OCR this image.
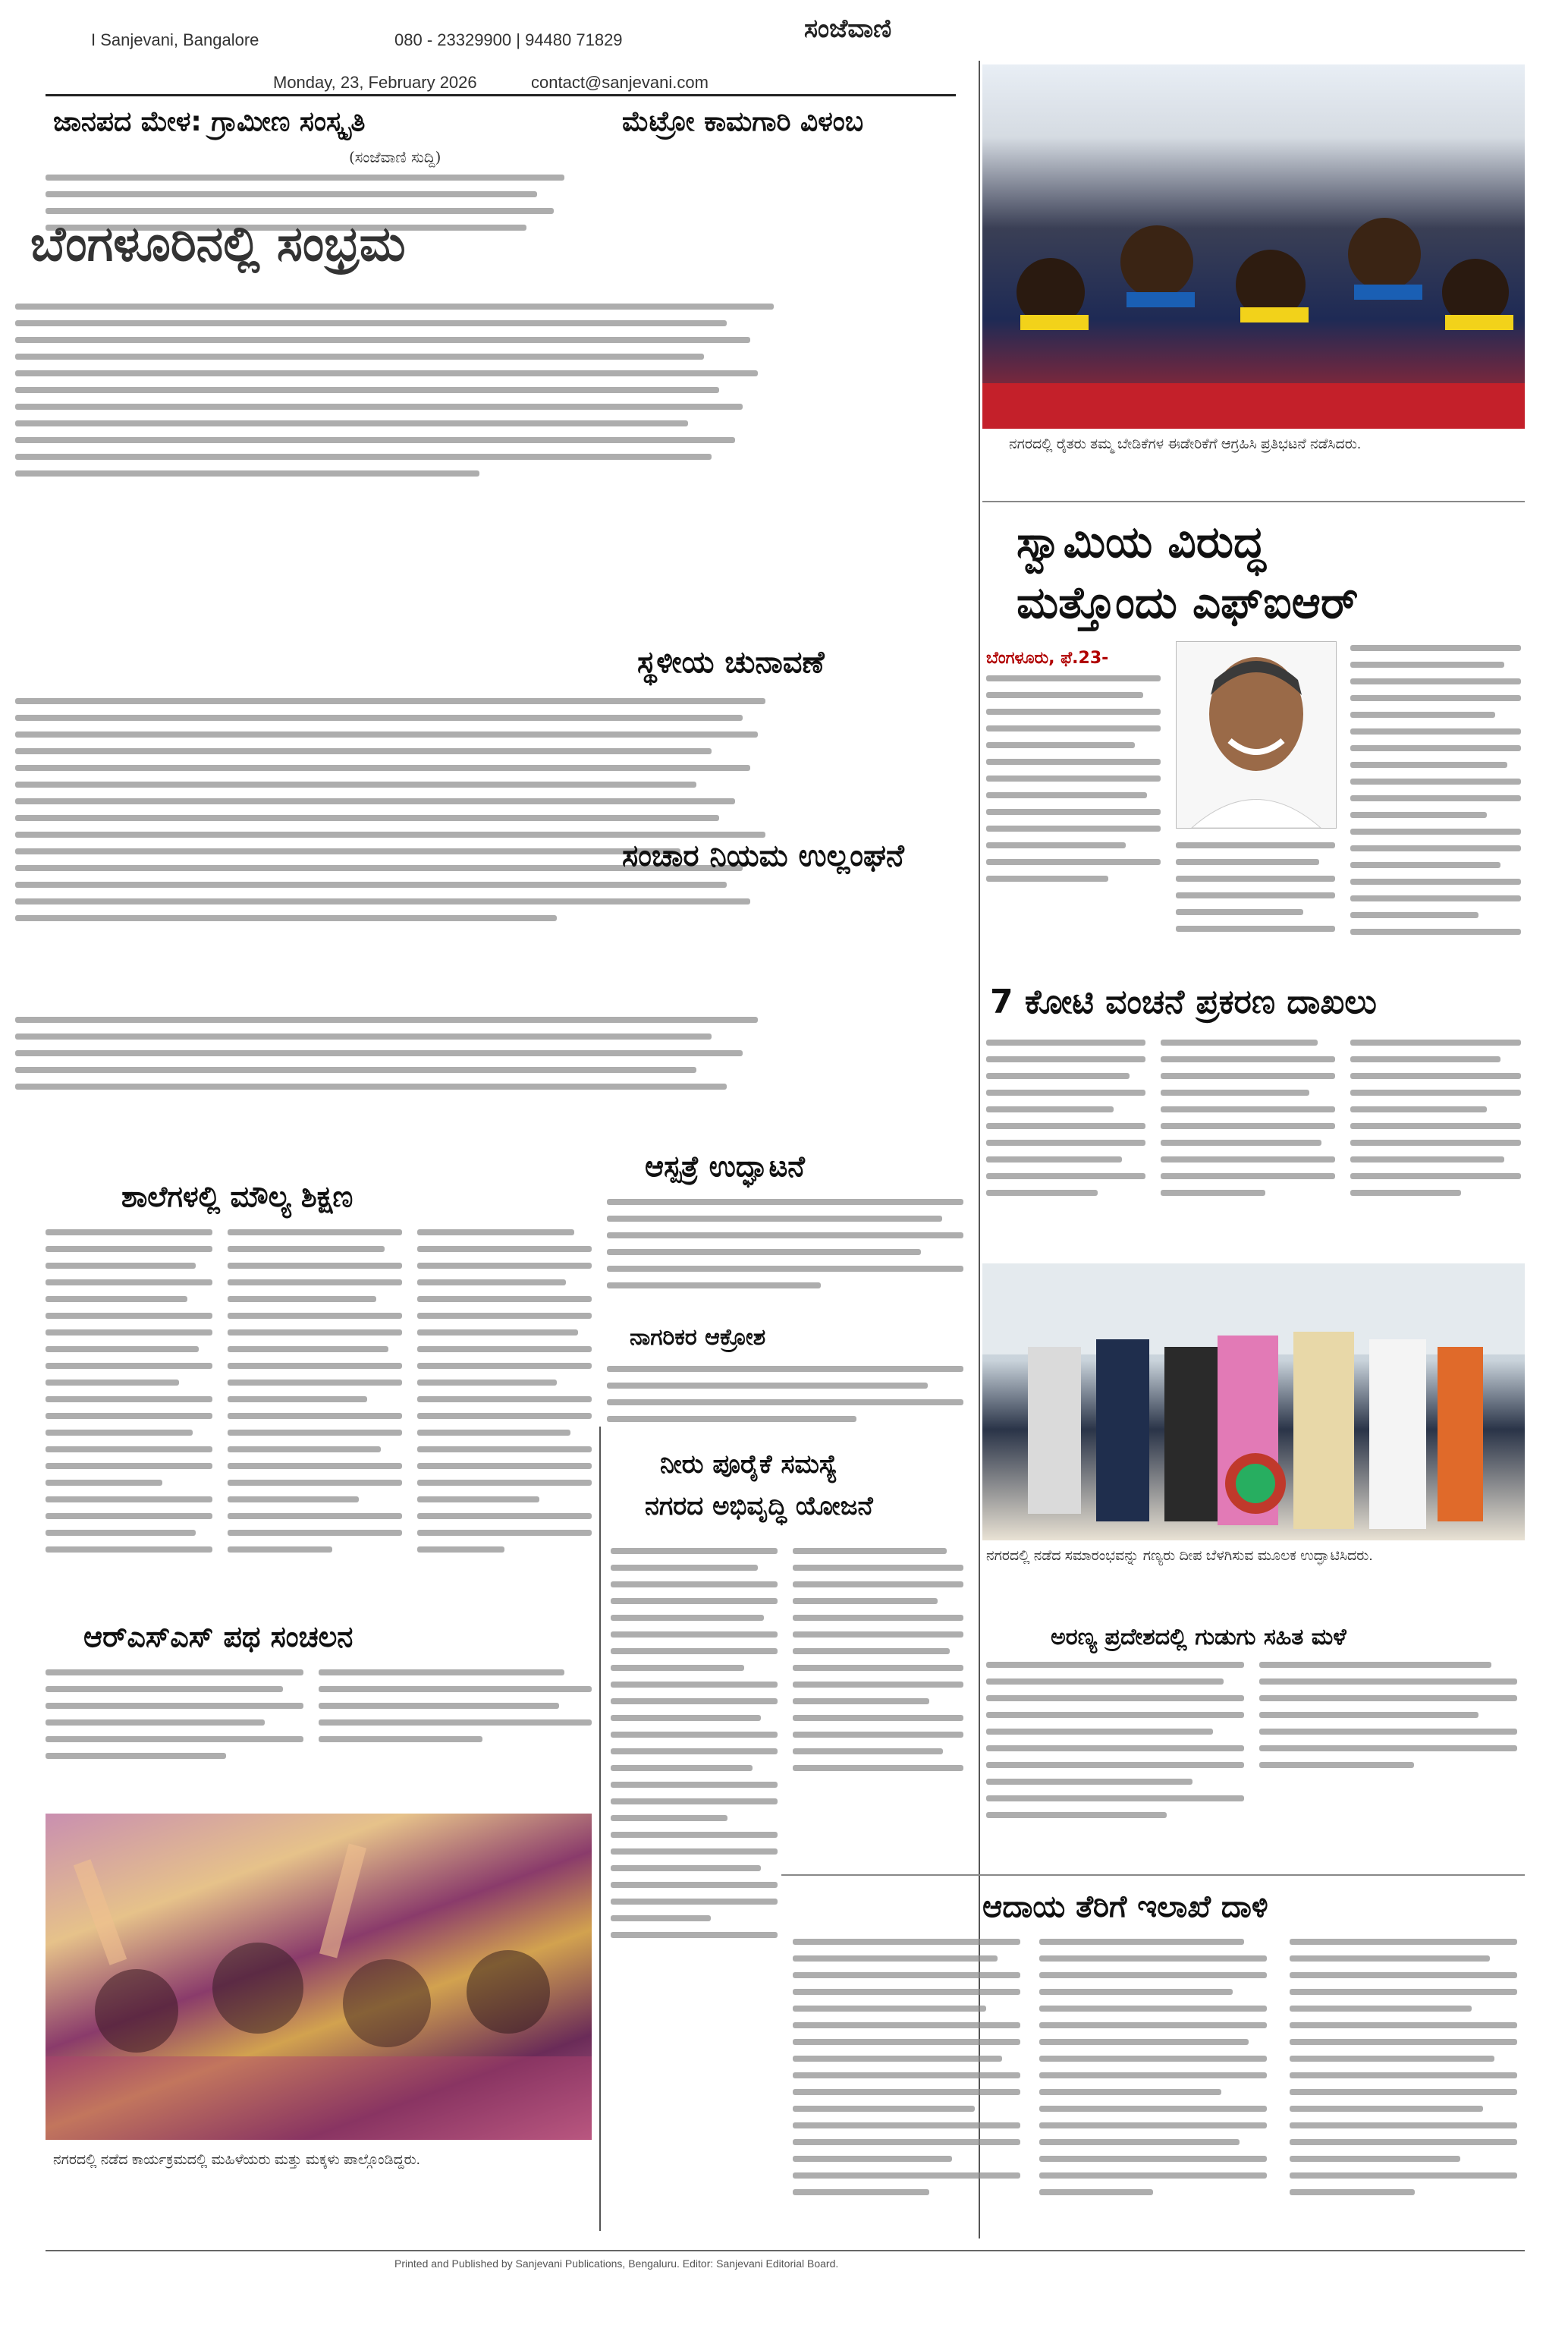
I Sanjevani, Bangalore	080 - 23329900 | 94480 71829	ಸಂಜೆವಾಣಿ
Monday, 23, February 2026	contact@sanjevani.com
ಜಾನಪದ ಮೇಳ: ಗ್ರಾಮೀಣ ಸಂಸ್ಕೃತಿ
(ಸಂಜೆವಾಣಿ ಸುದ್ದಿ)
ಮೆಟ್ರೋ ಕಾಮಗಾರಿ ವಿಳಂಬ
ಬೆಂಗಳೂರಿನಲ್ಲಿ ಸಂಭ್ರಮ
ಸ್ಥಳೀಯ ಚುನಾವಣೆ
ಸಂಚಾರ ನಿಯಮ ಉಲ್ಲಂಘನೆ
ಆಸ್ಪತ್ರೆ ಉದ್ಘಾಟನೆ
ಶಾಲೆಗಳಲ್ಲಿ ಮೌಲ್ಯ ಶಿಕ್ಷಣ
ನಾಗರಿಕರ ಆಕ್ರೋಶ
ನೀರು ಪೂರೈಕೆ ಸಮಸ್ಯೆ
ನಗರದ ಅಭಿವೃದ್ಧಿ ಯೋಜನೆ
ಆರ್‌ಎಸ್‌ಎಸ್ ಪಥ ಸಂಚಲನ
ನಗರದಲ್ಲಿ ನಡೆದ ಕಾರ್ಯಕ್ರಮದಲ್ಲಿ ಮಹಿಳೆಯರು ಮತ್ತು ಮಕ್ಕಳು ಪಾಲ್ಗೊಂಡಿದ್ದರು.
ನಗರದಲ್ಲಿ ರೈತರು ತಮ್ಮ ಬೇಡಿಕೆಗಳ ಈಡೇರಿಕೆಗೆ ಆಗ್ರಹಿಸಿ ಪ್ರತಿಭಟನೆ ನಡೆಸಿದರು.
ಸ್ವಾಮಿಯ ವಿರುದ್ಧ
ಮತ್ತೊಂದು ಎಫ್‌ಐಆರ್
ಬೆಂಗಳೂರು, ಫೆ.23-
7 ಕೋಟಿ ವಂಚನೆ ಪ್ರಕರಣ ದಾಖಲು
ನಗರದಲ್ಲಿ ನಡೆದ ಸಮಾರಂಭವನ್ನು ಗಣ್ಯರು ದೀಪ ಬೆಳಗಿಸುವ ಮೂಲಕ ಉದ್ಘಾಟಿಸಿದರು.
ಅರಣ್ಯ ಪ್ರದೇಶದಲ್ಲಿ ಗುಡುಗು ಸಹಿತ ಮಳೆ
ಆದಾಯ ತೆರಿಗೆ ಇಲಾಖೆ ದಾಳಿ
Printed and Published by Sanjevani Publications, Bengaluru. Editor: Sanjevani Editorial Board.
